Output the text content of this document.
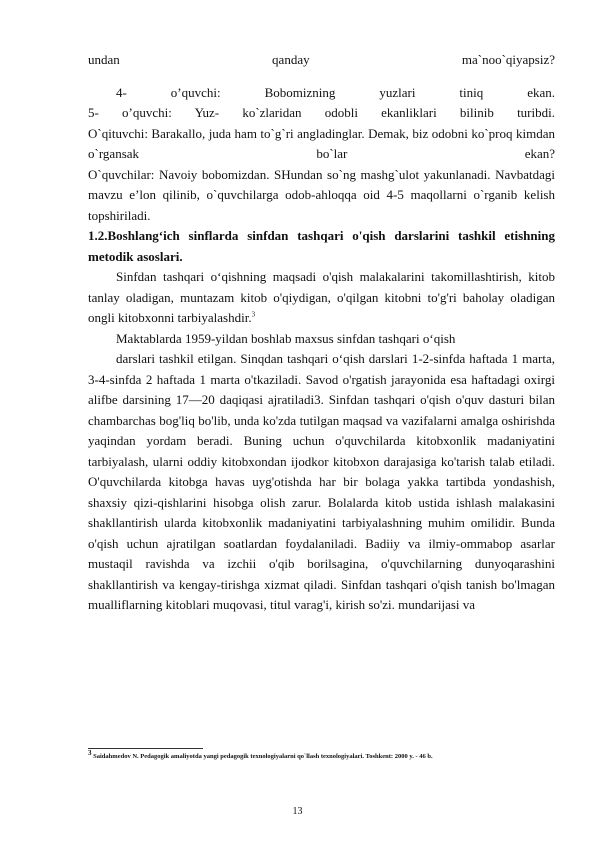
undan qanday ma`noo`qiyapsiz?

4- o’quvchi: Bobomizning yuzlari tiniq ekan.

5- o’quvchi: Yuz- ko`zlaridan odobli ekanliklari bilinib turibdi.

O`qituvchi: Barakallo, juda ham to`g`ri angladinglar. Demak, biz odobni ko`proq kimdan o`rgansak bo`lar ekan?

O`quvchilar: Navoiy bobomizdan. SHundan so`ng mashg`ulot yakunlanadi. Navbatdagi mavzu e’lon qilinib, o`quvchilarga odob-ahloqqa oid 4-5 maqollarni o`rganib kelish topshiriladi.

1.2.Boshlang‘ich sinflarda sinfdan tashqari o'qish darslarini tashkil etishning metodik asoslari.

Sinfdan tashqari o‘qishning maqsadi o'qish malakalarini takomillashtirish, kitob tanlay oladigan, muntazam kitob o'qiydigan, o'qilgan kitobni to'g'ri baholay oladigan ongli kitobxonni tarbiyalashdir.$^3$

Maktablarda 1959-yildan boshlab maxsus sinfdan tashqari o‘qish

darslari tashkil etilgan. Sinqdan tashqari o‘qish darslari 1-2-sinfda haftada 1 marta, 3-4-sinfda 2 haftada 1 marta o'tkaziladi. Savod o'rgatish jarayonida esa haftadagi oxirgi alifbe darsining 17—20 daqiqasi ajratiladi3. Sinfdan tashqari o'qish o'quv dasturi bilan chambarchas bog'liq bo'lib, unda ko'zda tutilgan maqsad va vazifalarni amalga oshirishda yaqindan yordam beradi. Buning uchun o'quvchilarda kitobxonlik madaniyatini tarbiyalash, ularni oddiy kitobxondan ijodkor kitobxon darajasiga ko'tarish talab etiladi. O'quvchilarda kitobga havas uyg'otishda har bir bolaga yakka tartibda yondashish, shaxsiy qizi-qishlarini hisobga olish zarur. Bolalarda kitob ustida ishlash malakasini shakllantirish ularda kitobxonlik madaniyatini tarbiyalashning muhim omilidir. Bunda o'qish uchun ajratilgan soatlardan foydalaniladi. Badiiy va ilmiy-ommabop asarlar mustaqil ravishda va izchii o'qib borilsagina, o'quvchilarning dunyoqarashini shakllantirish va kengay-tirishga xizmat qiladi. Sinfdan tashqari o'qish tanish bo'lmagan mualliflarning kitoblari muqovasi, titul varag'i, kirish so'zi. mundarijasi va

$^3$ Saidahmedov N. Pedagogik amaliyotda yangi pedagogik texnologiyalarni qo`llash texnologiyalari. Toshkent: 2000 y. - 46 b.
13
